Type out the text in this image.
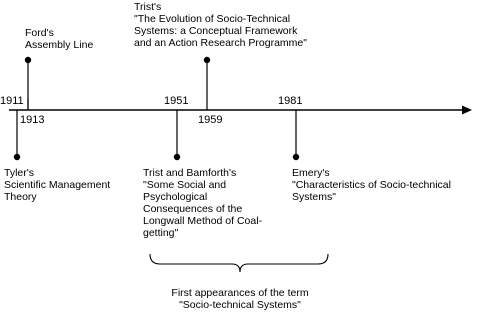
1911
1913
1951
1959
1981

Ford's
Assembly Line

Trist's
"The Evolution of Socio-Technical
Systems: a Conceptual Framework
and an Action Research Programme"

Tyler's
Scientific Management
Theory

Trist and Bamforth's
"Some Social and
Psychological
Consequences of the
Longwall Method of Coal-
getting"

Emery's
"Characteristics of Socio-technical
Systems"

First appearances of the term
"Socio-technical Systems"
